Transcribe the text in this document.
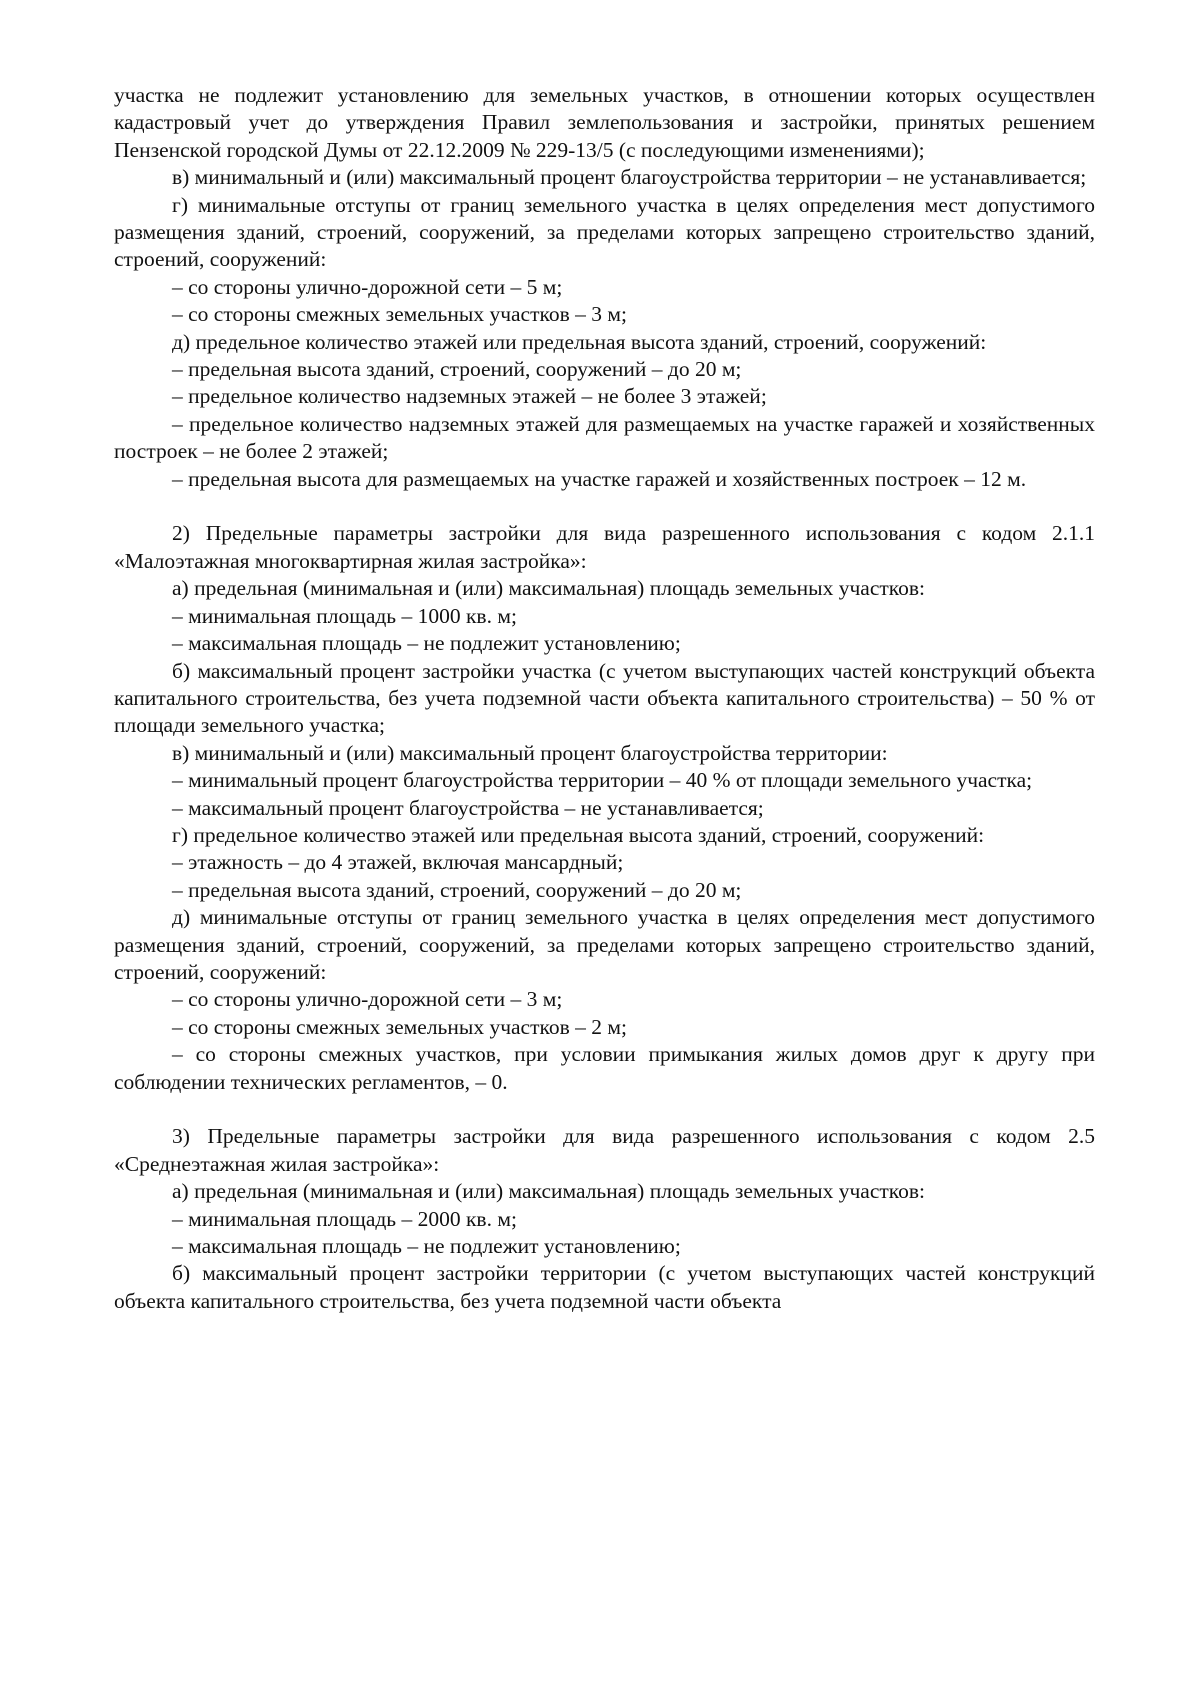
участка не подлежит установлению для земельных участков, в отношении которых осуществлен кадастровый учет до утверждения Правил землепользования и застройки, принятых решением Пензенской городской Думы от 22.12.2009 № 229-13/5 (с последующими изменениями);

в) минимальный и (или) максимальный процент благоустройства территории – не устанавливается;

г) минимальные отступы от границ земельного участка в целях определения мест допустимого размещения зданий, строений, сооружений, за пределами которых запрещено строительство зданий, строений, сооружений:

– со стороны улично-дорожной сети – 5 м;

– со стороны смежных земельных участков – 3 м;

д) предельное количество этажей или предельная высота зданий, строений, сооружений:

– предельная высота зданий, строений, сооружений – до 20 м;

– предельное количество надземных этажей – не более 3 этажей;

– предельное количество надземных этажей для размещаемых на участке гаражей и хозяйственных построек – не более 2 этажей;

– предельная высота для размещаемых на участке гаражей и хозяйственных построек – 12 м.

2) Предельные параметры застройки для вида разрешенного использования с кодом 2.1.1 «Малоэтажная многоквартирная жилая застройка»:

а) предельная (минимальная и (или) максимальная) площадь земельных участков:

– минимальная площадь – 1000 кв. м;

– максимальная площадь – не подлежит установлению;

б) максимальный процент застройки участка (с учетом выступающих частей конструкций объекта капитального строительства, без учета подземной части объекта капитального строительства) – 50 % от площади земельного участка;

в) минимальный и (или) максимальный процент благоустройства территории:

– минимальный процент благоустройства территории – 40 % от площади земельного участка;

– максимальный процент благоустройства – не устанавливается;

г) предельное количество этажей или предельная высота зданий, строений, сооружений:

– этажность – до 4 этажей, включая мансардный;

– предельная высота зданий, строений, сооружений – до 20 м;

д) минимальные отступы от границ земельного участка в целях определения мест допустимого размещения зданий, строений, сооружений, за пределами которых запрещено строительство зданий, строений, сооружений:

– со стороны улично-дорожной сети – 3 м;

– со стороны смежных земельных участков – 2 м;

– со стороны смежных участков, при условии примыкания жилых домов друг к другу при соблюдении технических регламентов, – 0.

3) Предельные параметры застройки для вида разрешенного использования с кодом 2.5 «Среднеэтажная жилая застройка»:

а) предельная (минимальная и (или) максимальная) площадь земельных участков:

– минимальная площадь – 2000 кв. м;

– максимальная площадь – не подлежит установлению;

б) максимальный процент застройки территории (с учетом выступающих частей конструкций объекта капитального строительства, без учета подземной части объекта
